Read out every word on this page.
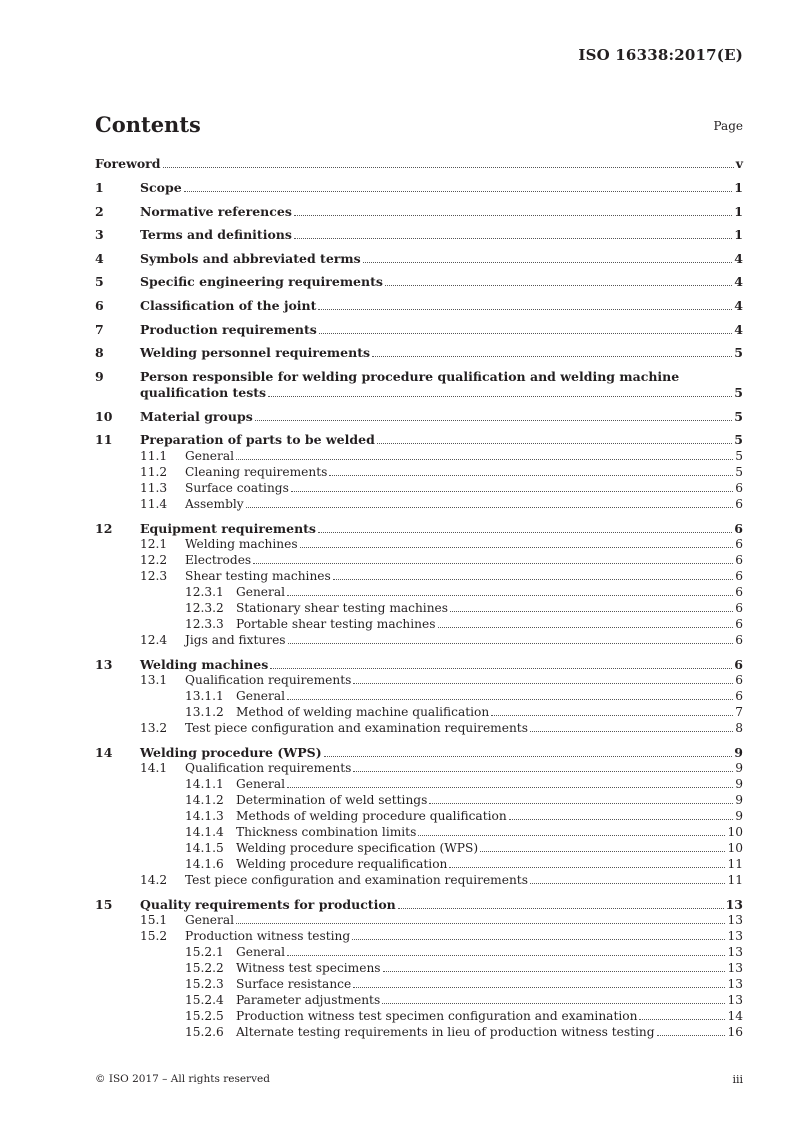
ISO 16338:2017(E)
Contents	Page
Foreword	v
1	Scope	1
2	Normative references	1
3	Terms and definitions	1
4	Symbols and abbreviated terms	4
5	Specific engineering requirements	4
6	Classification of the joint	4
7	Production requirements	4
8	Welding personnel requirements	5
9	Person responsible for welding procedure qualification and welding machine
qualification tests	5
10	Material groups	5
11	Preparation of parts to be welded	5
11.1	General	5
11.2	Cleaning requirements	5
11.3	Surface coatings	6
11.4	Assembly	6
12	Equipment requirements	6
12.1	Welding machines	6
12.2	Electrodes	6
12.3	Shear testing machines	6
12.3.1	General	6
12.3.2	Stationary shear testing machines	6
12.3.3	Portable shear testing machines	6
12.4	Jigs and fixtures	6
13	Welding machines	6
13.1	Qualification requirements	6
13.1.1	General	6
13.1.2	Method of welding machine qualification	7
13.2	Test piece configuration and examination requirements	8
14	Welding procedure (WPS)	9
14.1	Qualification requirements	9
14.1.1	General	9
14.1.2	Determination of weld settings	9
14.1.3	Methods of welding procedure qualification	9
14.1.4	Thickness combination limits	10
14.1.5	Welding procedure specification (WPS)	10
14.1.6	Welding procedure requalification	11
14.2	Test piece configuration and examination requirements	11
15	Quality requirements for production	13
15.1	General	13
15.2	Production witness testing	13
15.2.1	General	13
15.2.2	Witness test specimens	13
15.2.3	Surface resistance	13
15.2.4	Parameter adjustments	13
15.2.5	Production witness test specimen configuration and examination	14
15.2.6	Alternate testing requirements in lieu of production witness testing	16
© ISO 2017 – All rights reserved	iii
